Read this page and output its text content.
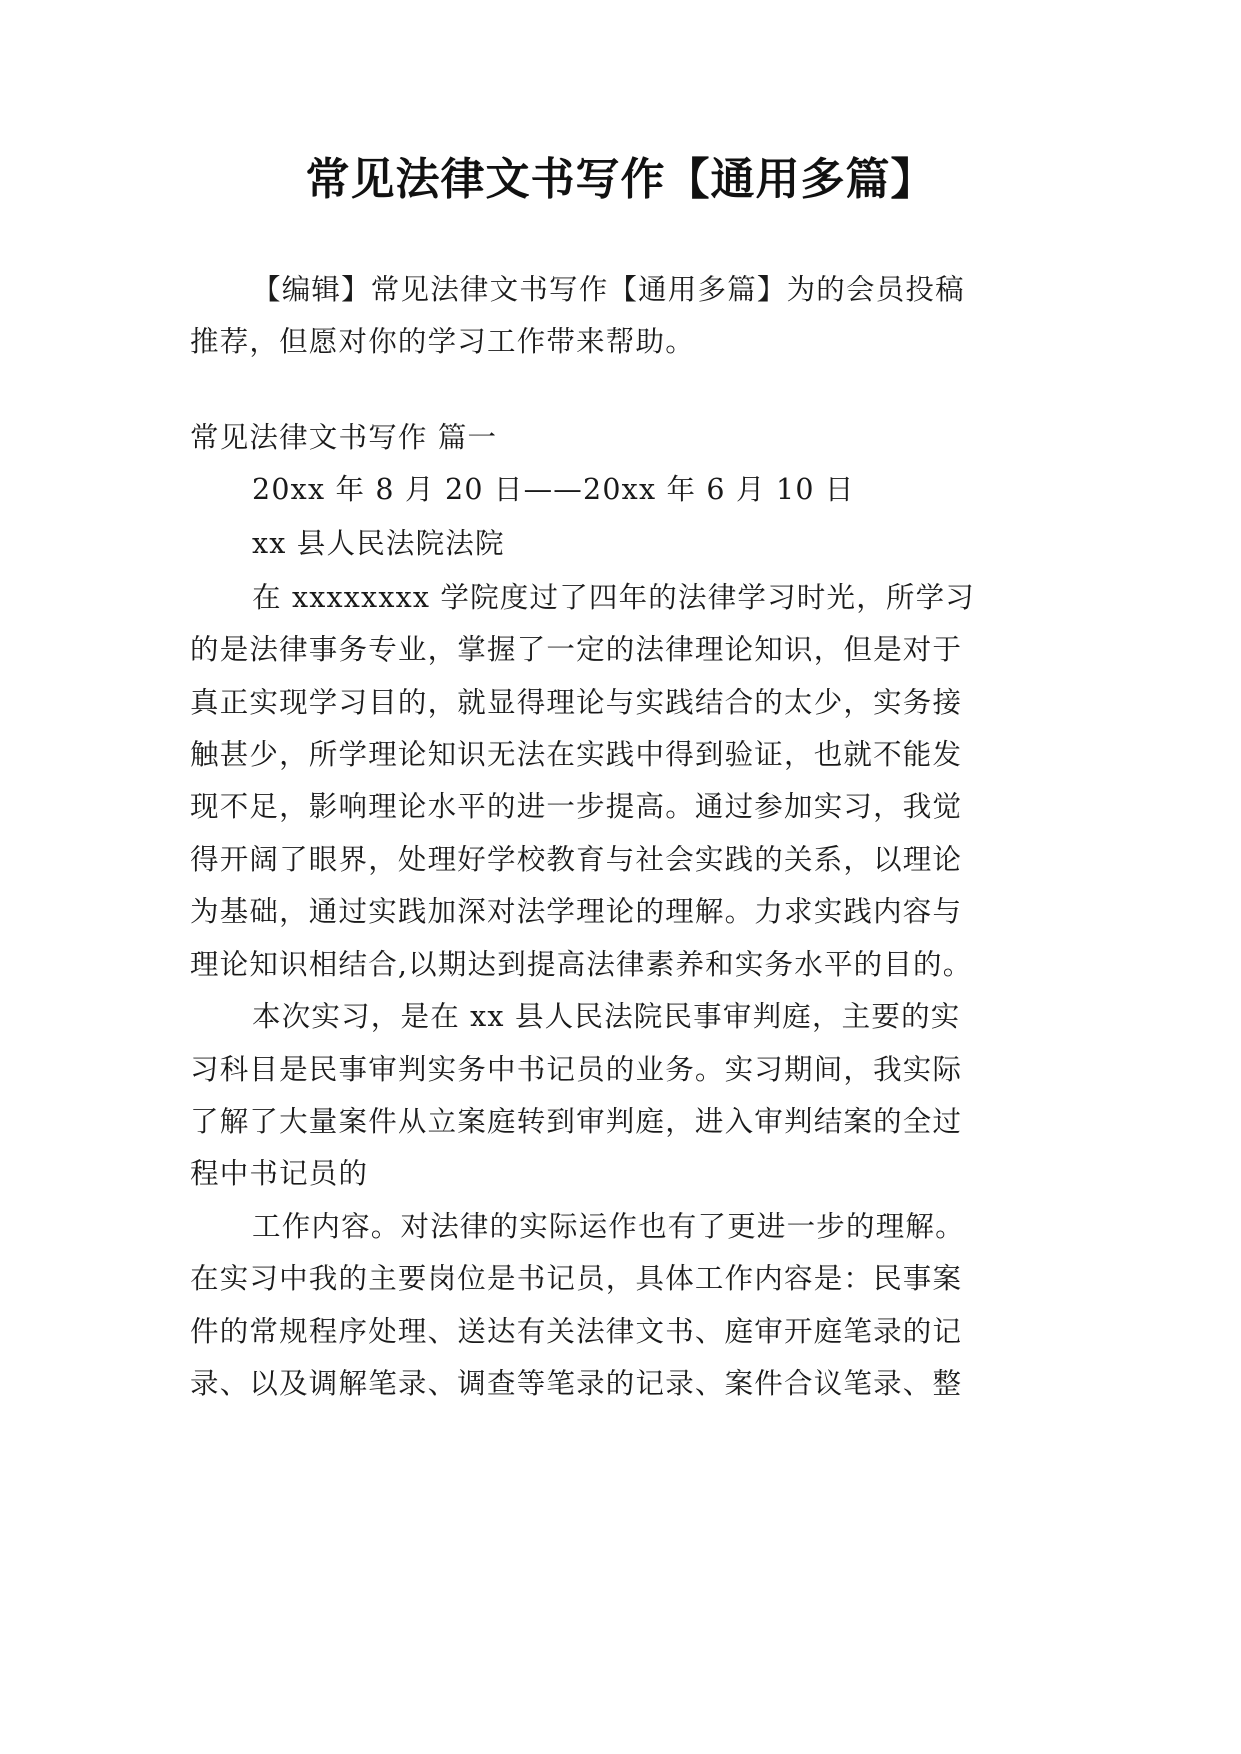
常见法律文书写作【通用多篇】
【编辑】常见法律文书写作【通用多篇】为的会员投稿
推荐，但愿对你的学习工作带来帮助。
常见法律文书写作 篇一
20xx 年 8 月 20 日——20xx 年 6 月 10 日
xx 县人民法院法院
在 xxxxxxxx 学院度过了四年的法律学习时光，所学习
的是法律事务专业，掌握了一定的法律理论知识，但是对于
真正实现学习目的，就显得理论与实践结合的太少，实务接
触甚少，所学理论知识无法在实践中得到验证，也就不能发
现不足，影响理论水平的进一步提高。通过参加实习，我觉
得开阔了眼界，处理好学校教育与社会实践的关系，以理论
为基础，通过实践加深对法学理论的理解。力求实践内容与
理论知识相结合,以期达到提高法律素养和实务水平的目的。
本次实习，是在 xx 县人民法院民事审判庭，主要的实
习科目是民事审判实务中书记员的业务。实习期间，我实际
了解了大量案件从立案庭转到审判庭，进入审判结案的全过
程中书记员的
工作内容。对法律的实际运作也有了更进一步的理解。
在实习中我的主要岗位是书记员，具体工作内容是：民事案
件的常规程序处理、送达有关法律文书、庭审开庭笔录的记
录、以及调解笔录、调查等笔录的记录、案件合议笔录、整
